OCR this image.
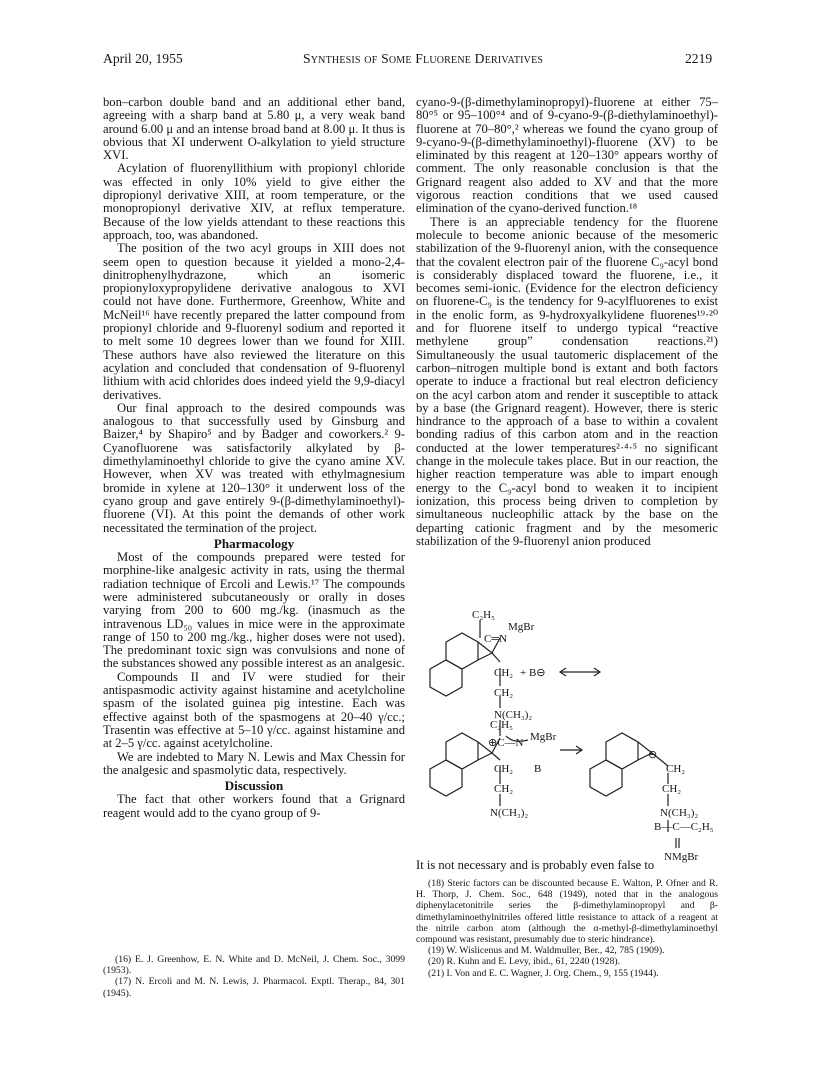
April 20, 1955	Synthesis of Some Fluorene Derivatives	2219

bon–carbon double band and an additional ether band, agreeing with a sharp band at 5.80 μ, a very weak band around 6.00 μ and an intense broad band at 8.00 μ. It thus is obvious that XI underwent O-alkylation to yield structure XVI.

Acylation of fluorenyllithium with propionyl chloride was effected in only 10% yield to give either the dipropionyl derivative XIII, at room temperature, or the monopropionyl derivative XIV, at reflux temperature. Because of the low yields attendant to these reactions this approach, too, was abandoned.

The position of the two acyl groups in XIII does not seem open to question because it yielded a mono-2,4-dinitrophenylhydrazone, which an isomeric propionyloxypropylidene derivative analogous to XVI could not have done. Furthermore, Greenhow, White and McNeil¹⁶ have recently prepared the latter compound from propionyl chloride and 9-fluorenyl sodium and reported it to melt some 10 degrees lower than we found for XIII. These authors have also reviewed the literature on this acylation and concluded that condensation of 9-fluorenyl lithium with acid chlorides does indeed yield the 9,9-diacyl derivatives.

Our final approach to the desired compounds was analogous to that successfully used by Ginsburg and Baizer,⁴ by Shapiro⁵ and by Badger and coworkers.² 9-Cyanofluorene was satisfactorily alkylated by β-dimethylaminoethyl chloride to give the cyano amine XV. However, when XV was treated with ethylmagnesium bromide in xylene at 120–130° it underwent loss of the cyano group and gave entirely 9-(β-dimethylaminoethyl)-fluorene (VI). At this point the demands of other work necessitated the termination of the project.

Pharmacology

Most of the compounds prepared were tested for morphine-like analgesic activity in rats, using the thermal radiation technique of Ercoli and Lewis.¹⁷ The compounds were administered subcutaneously or orally in doses varying from 200 to 600 mg./kg. (inasmuch as the intravenous LD₅₀ values in mice were in the approximate range of 150 to 200 mg./kg., higher doses were not used). The predominant toxic sign was convulsions and none of the substances showed any possible interest as an analgesic.

Compounds II and IV were studied for their antispasmodic activity against histamine and acetylcholine spasm of the isolated guinea pig intestine. Each was effective against both of the spasmogens at 20–40 γ/cc.; Trasentin was effective at 5–10 γ/cc. against histamine and at 2–5 γ/cc. against acetylcholine.

We are indebted to Mary N. Lewis and Max Chessin for the analgesic and spasmolytic data, respectively.

Discussion

The fact that other workers found that a Grignard reagent would add to the cyano group of 9-

(16) E. J. Greenhow, E. N. White and D. McNeil, J. Chem. Soc., 3099 (1953).

(17) N. Ercoli and M. N. Lewis, J. Pharmacol. Exptl. Therap., 84, 301 (1945).

cyano-9-(β-dimethylaminopropyl)-fluorene at either 75–80°⁵ or 95–100°⁴ and of 9-cyano-9-(β-diethylaminoethyl)-fluorene at 70–80°,² whereas we found the cyano group of 9-cyano-9-(β-dimethylaminoethyl)-fluorene (XV) to be eliminated by this reagent at 120–130° appears worthy of comment. The only reasonable conclusion is that the Grignard reagent also added to XV and that the more vigorous reaction conditions that we used caused elimination of the cyano-derived function.¹⁸

There is an appreciable tendency for the fluorene molecule to become anionic because of the mesomeric stabilization of the 9-fluorenyl anion, with the consequence that the covalent electron pair of the fluorene C₉-acyl bond is considerably displaced toward the fluorene, i.e., it becomes semi-ionic. (Evidence for the electron deficiency on fluorene-C₉ is the tendency for 9-acylfluorenes to exist in the enolic form, as 9-hydroxyalkylidene fluorenes¹⁹·²⁰ and for fluorene itself to undergo typical “reactive methylene group” condensation reactions.²¹) Simultaneously the usual tautomeric displacement of the carbon–nitrogen multiple bond is extant and both factors operate to induce a fractional but real electron deficiency on the acyl carbon atom and render it susceptible to attack by a base (the Grignard reagent). However, there is steric hindrance to the approach of a base to within a covalent bonding radius of this carbon atom and in the reaction conducted at the lower temperatures²·⁴·⁵ no significant change in the molecule takes place. But in our reaction, the higher reaction temperature was able to impart enough energy to the C₉-acyl bond to weaken it to incipient ionization, this process being driven to completion by simultaneous nucleophilic attack by the base on the departing cationic fragment and by the mesomeric stabilization of the 9-fluorenyl anion produced

C₂H₅
MgBr
C═N
CH₂
CH₂
N(CH₃)₂
+ B⊖
C₂H₅
MgBr
⊕C—N
CH₂ B
CH₂
N(CH₃)₂
⊖
CH₂
CH₂
N(CH₃)₂
B—C—C₂H₅
NMgBr
It is not necessary and is probably even false to

(18) Steric factors can be discounted because E. Walton, P. Ofner and R. H. Thorp, J. Chem. Soc., 648 (1949), noted that in the analogous diphenylacetonitrile series the β-dimethylaminopropyl and β-dimethylaminoethylnitriles offered little resistance to attack of a reagent at the nitrile carbon atom (although the α-methyl-β-dimethylaminoethyl compound was resistant, presumably due to steric hindrance).

(19) W. Wislicenus and M. Waldmuller, Ber., 42, 785 (1909).

(20) R. Kuhn and E. Levy, ibid., 61, 2240 (1928).

(21) I. Von and E. C. Wagner, J. Org. Chem., 9, 155 (1944).
